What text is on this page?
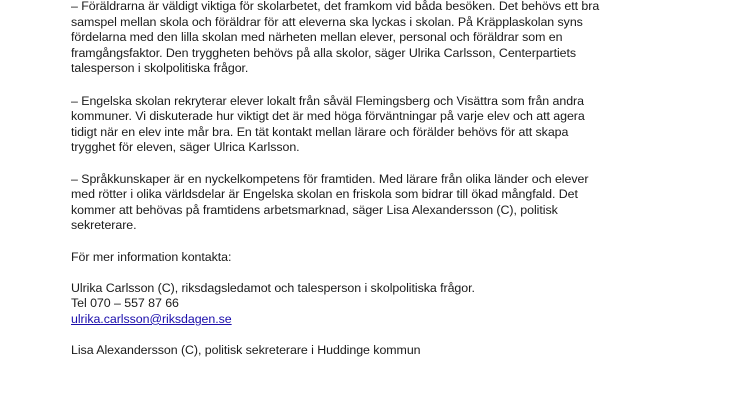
– Föräldrarna är väldigt viktiga för skolarbetet, det framkom vid båda besöken. Det behövs ett bra
samspel mellan skola och föräldrar för att eleverna ska lyckas i skolan. På Kräpplaskolan syns
fördelarna med den lilla skolan med närheten mellan elever, personal och föräldrar som en
framgångsfaktor. Den tryggheten behövs på alla skolor, säger Ulrika Carlsson, Centerpartiets
talesperson i skolpolitiska frågor.

– Engelska skolan rekryterar elever lokalt från såväl Flemingsberg och Visättra som från andra
kommuner. Vi diskuterade hur viktigt det är med höga förväntningar på varje elev och att agera
tidigt när en elev inte mår bra. En tät kontakt mellan lärare och förälder behövs för att skapa
trygghet för eleven, säger Ulrica Karlsson.

– Språkkunskaper är en nyckelkompetens för framtiden. Med lärare från olika länder och elever
med rötter i olika världsdelar är Engelska skolan en friskola som bidrar till ökad mångfald. Det
kommer att behövas på framtidens arbetsmarknad, säger Lisa Alexandersson (C), politisk
sekreterare.

För mer information kontakta:

Ulrika Carlsson (C), riksdagsledamot och talesperson i skolpolitiska frågor.
Tel 070 – 557 87 66
ulrika.carlsson@riksdagen.se

Lisa Alexandersson (C), politisk sekreterare i Huddinge kommun
